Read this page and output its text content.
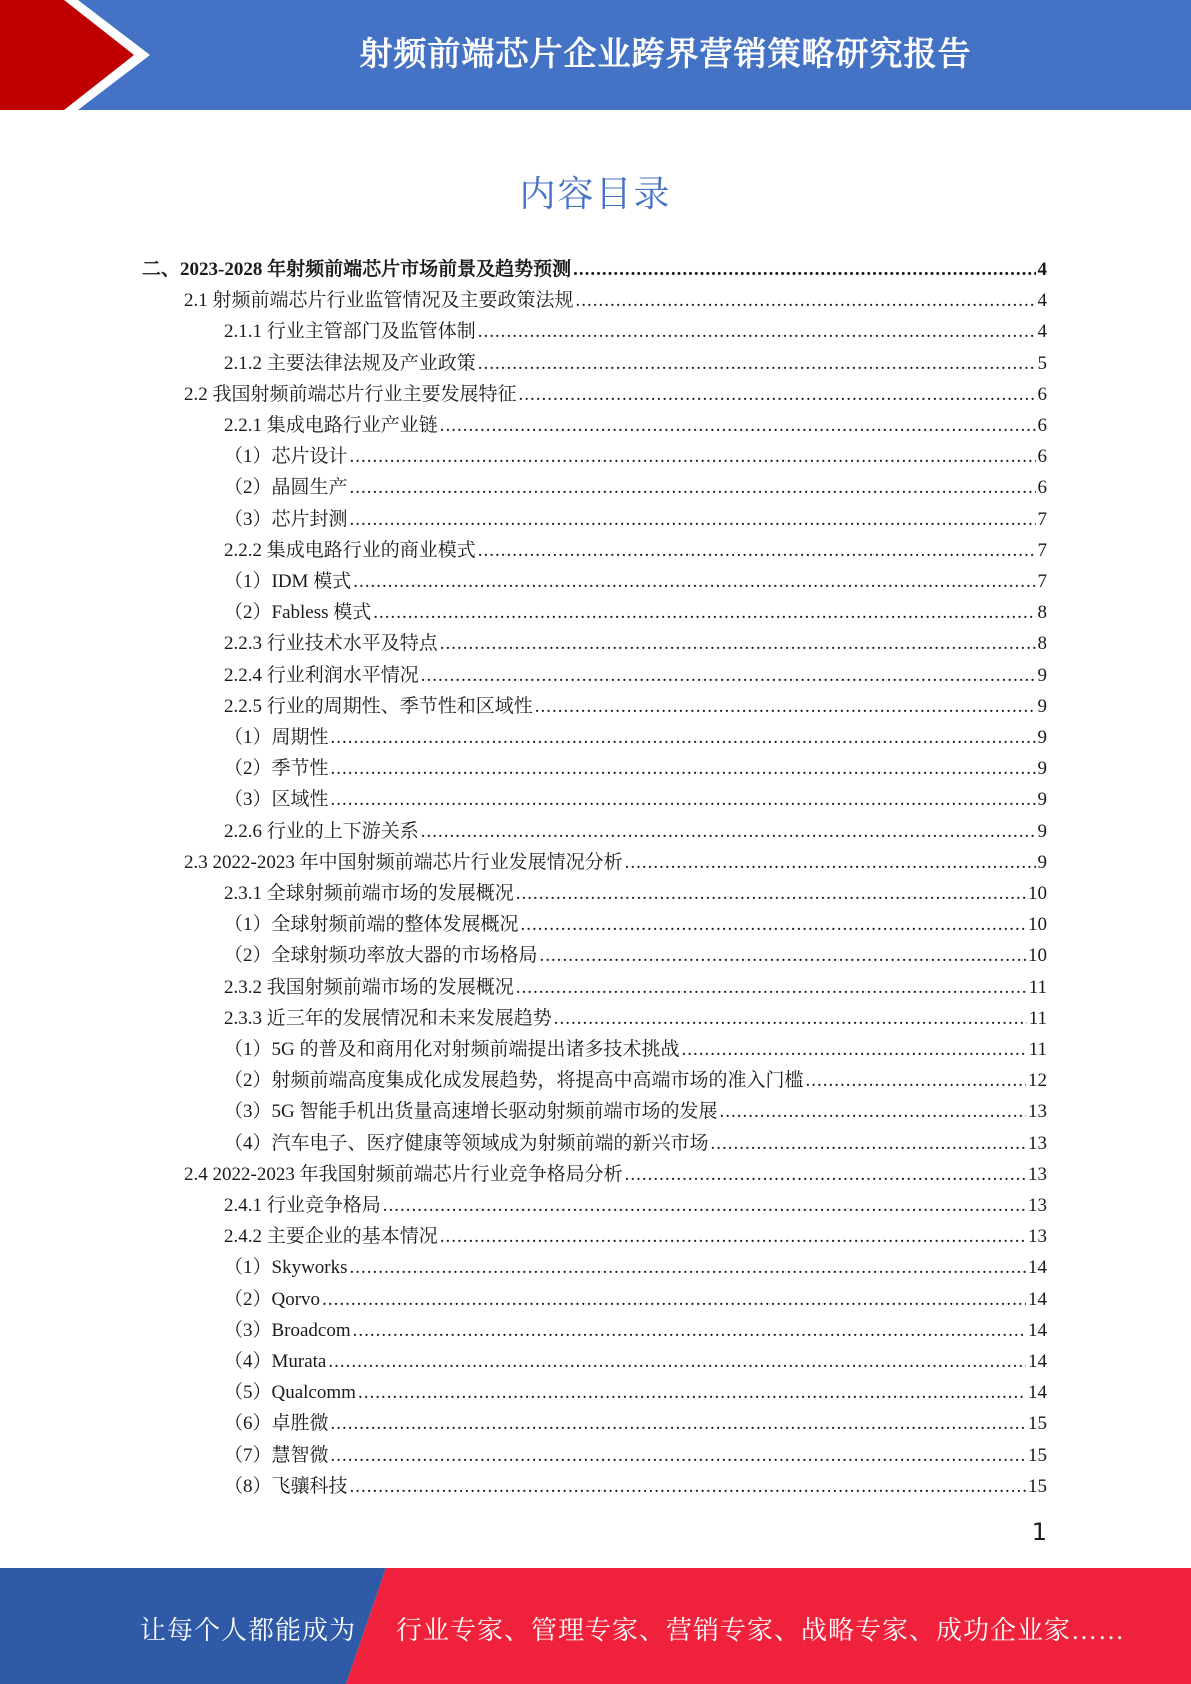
射频前端芯片企业跨界营销策略研究报告
内容目录
二、2023-2028 年射频前端芯片市场前景及趋势预测 .....	4
2.1 射频前端芯片行业监管情况及主要政策法规 .....	4
2.1.1 行业主管部门及监管体制 .....	4
2.1.2 主要法律法规及产业政策 .....	5
2.2 我国射频前端芯片行业主要发展特征 .....	6
2.2.1 集成电路行业产业链 .....	6
（1）芯片设计 .....	6
（2）晶圆生产 .....	6
（3）芯片封测 .....	7
2.2.2 集成电路行业的商业模式 .....	7
（1）IDM 模式 .....	7
（2）Fabless 模式 .....	8
2.2.3 行业技术水平及特点 .....	8
2.2.4 行业利润水平情况 .....	9
2.2.5 行业的周期性、季节性和区域性 .....	9
（1）周期性 .....	9
（2）季节性 .....	9
（3）区域性 .....	9
2.2.6 行业的上下游关系 .....	9
2.3 2022-2023 年中国射频前端芯片行业发展情况分析 .....	9
2.3.1 全球射频前端市场的发展概况 .....	10
（1）全球射频前端的整体发展概况 .....	10
（2）全球射频功率放大器的市场格局 .....	10
2.3.2 我国射频前端市场的发展概况 .....	11
2.3.3 近三年的发展情况和未来发展趋势 .....	11
（1）5G 的普及和商用化对射频前端提出诸多技术挑战 .....	11
（2）射频前端高度集成化成发展趋势，将提高中高端市场的准入门槛 .....	12
（3）5G 智能手机出货量高速增长驱动射频前端市场的发展 .....	13
（4）汽车电子、医疗健康等领域成为射频前端的新兴市场 .....	13
2.4 2022-2023 年我国射频前端芯片行业竞争格局分析 .....	13
2.4.1 行业竞争格局 .....	13
2.4.2 主要企业的基本情况 .....	13
（1）Skyworks .....	14
（2）Qorvo .....	14
（3）Broadcom .....	14
（4）Murata .....	14
（5）Qualcomm .....	14
（6）卓胜微 .....	15
（7）慧智微 .....	15
（8）飞骧科技 .....	15
1
让每个人都能成为 行业专家、管理专家、营销专家、战略专家、成功企业家……
